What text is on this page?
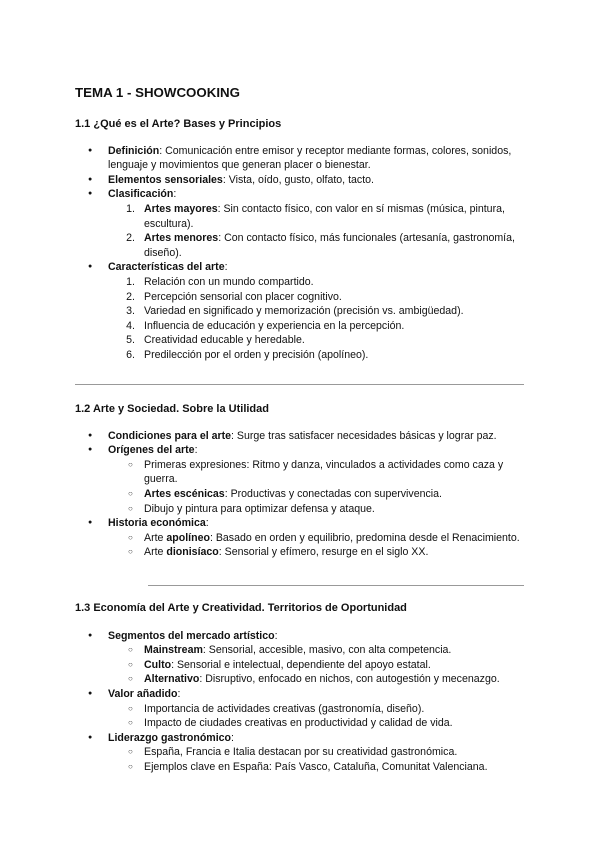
TEMA 1 - SHOWCOOKING
1.1 ¿Qué es el Arte? Bases y Principios
● Definición: Comunicación entre emisor y receptor mediante formas, colores, sonidos, lenguaje y movimientos que generan placer o bienestar.
● Elementos sensoriales: Vista, oído, gusto, olfato, tacto.
● Clasificación:
1. Artes mayores: Sin contacto físico, con valor en sí mismas (música, pintura, escultura).
2. Artes menores: Con contacto físico, más funcionales (artesanía, gastronomía, diseño).
● Características del arte:
1. Relación con un mundo compartido.
2. Percepción sensorial con placer cognitivo.
3. Variedad en significado y memorización (precisión vs. ambigüedad).
4. Influencia de educación y experiencia en la percepción.
5. Creatividad educable y heredable.
6. Predilección por el orden y precisión (apolíneo).
1.2 Arte y Sociedad. Sobre la Utilidad
● Condiciones para el arte: Surge tras satisfacer necesidades básicas y lograr paz.
● Orígenes del arte:
○ Primeras expresiones: Ritmo y danza, vinculados a actividades como caza y guerra.
○ Artes escénicas: Productivas y conectadas con supervivencia.
○ Dibujo y pintura para optimizar defensa y ataque.
● Historia económica:
○ Arte apolíneo: Basado en orden y equilibrio, predomina desde el Renacimiento.
○ Arte dionisíaco: Sensorial y efímero, resurge en el siglo XX.
1.3 Economía del Arte y Creatividad. Territorios de Oportunidad
● Segmentos del mercado artístico:
○ Mainstream: Sensorial, accesible, masivo, con alta competencia.
○ Culto: Sensorial e intelectual, dependiente del apoyo estatal.
○ Alternativo: Disruptivo, enfocado en nichos, con autogestión y mecenazgo.
● Valor añadido:
○ Importancia de actividades creativas (gastronomía, diseño).
○ Impacto de ciudades creativas en productividad y calidad de vida.
● Liderazgo gastronómico:
○ España, Francia e Italia destacan por su creatividad gastronómica.
○ Ejemplos clave en España: País Vasco, Cataluña, Comunitat Valenciana.
